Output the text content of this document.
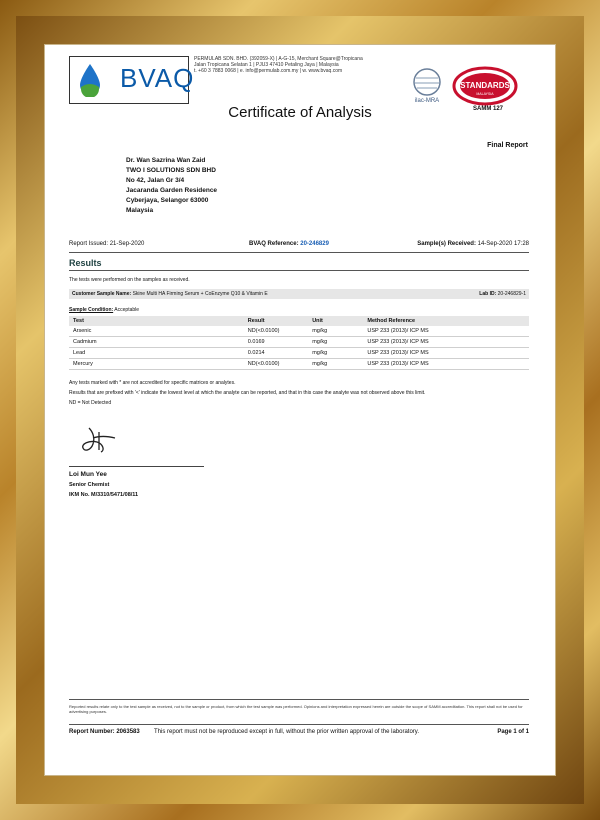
BVAQ
PERMULAB SDN. BHD. (392059-X) | A-G-15, Merchant Square@Tropicana
Jalan Tropicana Selatan 1 | PJU3 47410 Petaling Jaya | Malaysia
t. +60 3 7883 0068 | e. info@permulab.com.my | w. www.bvaq.com
ilac-MRA
STANDARDS
MALAYSIA
SAMM 127
Certificate of Analysis
Final Report
Dr. Wan Sazrina Wan Zaid
TWO I SOLUTIONS SDN BHD
No 42, Jalan Gr 3/4
Jacaranda Garden Residence
Cyberjaya, Selangor 63000
Malaysia
Report Issued: 21-Sep-2020	BVAQ Reference: 20-246829	Sample(s) Received: 14-Sep-2020 17:28
Results
The tests were performed on the samples as received.
Customer Sample Name: Skine Multi HA Firming Serum + CoEnzyme Q10 & Vitamin E	Lab ID: 20-246829-1
Sample Condition: Acceptable
Test	Result	Unit	Method Reference
Arsenic	ND(<0.0100)	mg/kg	USP 233 (2013)/ ICP MS
Cadmium	0.0169	mg/kg	USP 233 (2013)/ ICP MS
Lead	0.0214	mg/kg	USP 233 (2013)/ ICP MS
Mercury	ND(<0.0100)	mg/kg	USP 233 (2013)/ ICP MS
Any tests marked with * are not accredited for specific matrices or analytes.
Results that are prefixed with '<' indicate the lowest level at which the analyte can be reported, and that in this case the analyte was not observed above this limit.
ND = Not Detected
Loi Mun Yee
Senior Chemist
IKM No. M/3310/5471/08/11
Reported results relate only to the test sample as received, not to the sample or product, from which the test sample was performed. Opinions and interpretation expressed herein are outside the scope of SAMM accreditation. This report shall not be used for advertising purposes.
Report Number: 2063583 This report must not be reproduced except in full, without the prior written approval of the laboratory.	Page 1 of 1
